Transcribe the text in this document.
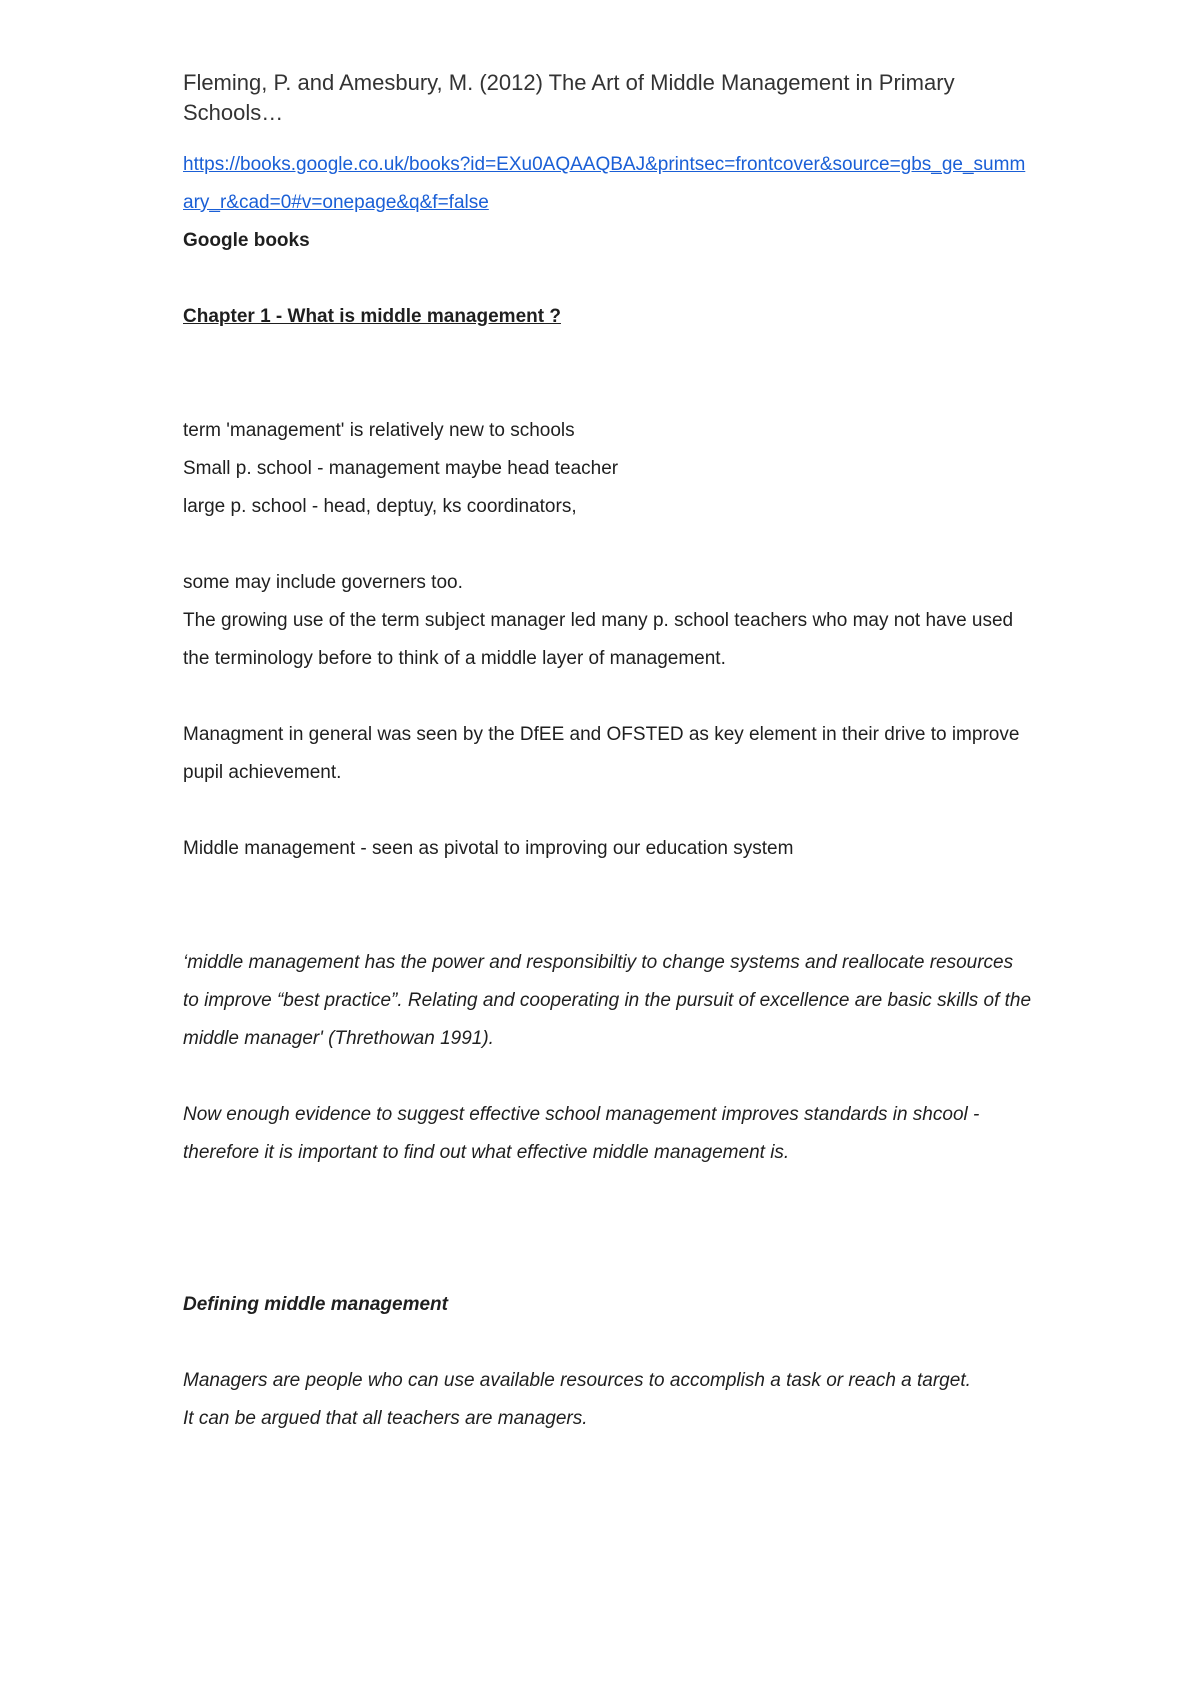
Fleming, P. and Amesbury, M. (2012) The Art of Middle Management in Primary Schools…
https://books.google.co.uk/books?id=EXu0AQAAQBAJ&printsec=frontcover&source=gbs_ge_summary_r&cad=0#v=onepage&q&f=false
Google books
Chapter 1 - What is middle management ?
term 'management' is relatively new to schools
Small p. school - management maybe head teacher
large p. school - head, deptuy, ks coordinators,
some may include governers too.
The growing use of the term subject manager led many p. school teachers who may not have used the terminology before to think of a middle layer of management.
Managment in general was seen by the DfEE and OFSTED as key element in their drive to improve pupil achievement.
Middle management - seen as pivotal to improving our education system
‘middle management has the power and responsibiltiy to change systems and reallocate resources to improve “best practice”. Relating and cooperating in the pursuit of excellence are basic skills of the middle manager' (Threthowan 1991).
Now enough evidence to suggest effective school management improves standards in shcool - therefore it is important to find out what effective middle management is.
Defining middle management
Managers are people who can use available resources to accomplish a task or reach a target.
It can be argued that all teachers are managers.
